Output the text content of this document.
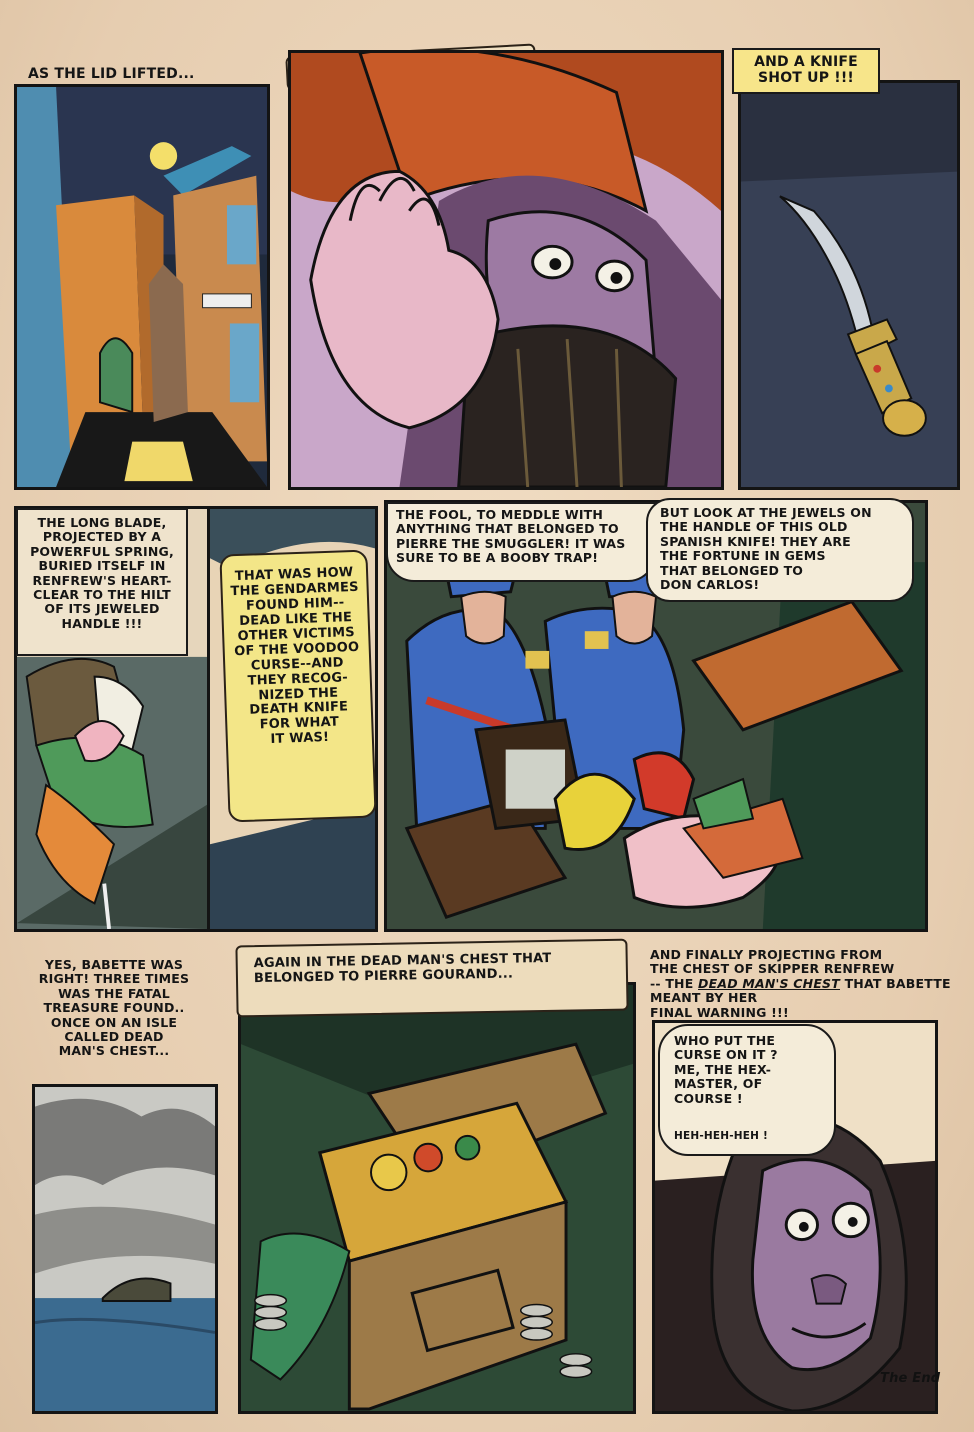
AS THE LID LIFTED...

AND A KNIFE
SHOT UP !!!

THE LONG BLADE,
PROJECTED BY A
POWERFUL SPRING,
BURIED ITSELF IN
RENFREW'S HEART-
CLEAR TO THE HILT
OF ITS JEWELED
HANDLE !!!

THAT WAS HOW
THE GENDARMES
FOUND HIM--
DEAD LIKE THE
OTHER VICTIMS
OF THE VOODOO
CURSE--AND
THEY RECOG-
NIZED THE
DEATH KNIFE
FOR WHAT
IT WAS!

THE FOOL, TO MEDDLE WITH
ANYTHING THAT BELONGED TO
PIERRE THE SMUGGLER! IT WAS
SURE TO BE A BOOBY TRAP!

BUT LOOK AT THE JEWELS ON
THE HANDLE OF THIS OLD
SPANISH KNIFE! THEY ARE
THE FORTUNE IN GEMS
THAT BELONGED TO
DON CARLOS!

YES, BABETTE WAS
RIGHT! THREE TIMES
WAS THE FATAL
TREASURE FOUND..
ONCE ON AN ISLE
CALLED DEAD
MAN'S CHEST...

AGAIN IN THE DEAD MAN'S CHEST THAT
BELONGED TO PIERRE GOURAND...

AND FINALLY PROJECTING FROM
THE CHEST OF SKIPPER RENFREW
-- THE DEAD MAN'S CHEST THAT BABETTE MEANT BY HER
FINAL WARNING !!!

WHO PUT THE
CURSE ON IT ?
ME, THE HEX-
MASTER, OF
COURSE !

HEH-HEH-HEH !

The End
